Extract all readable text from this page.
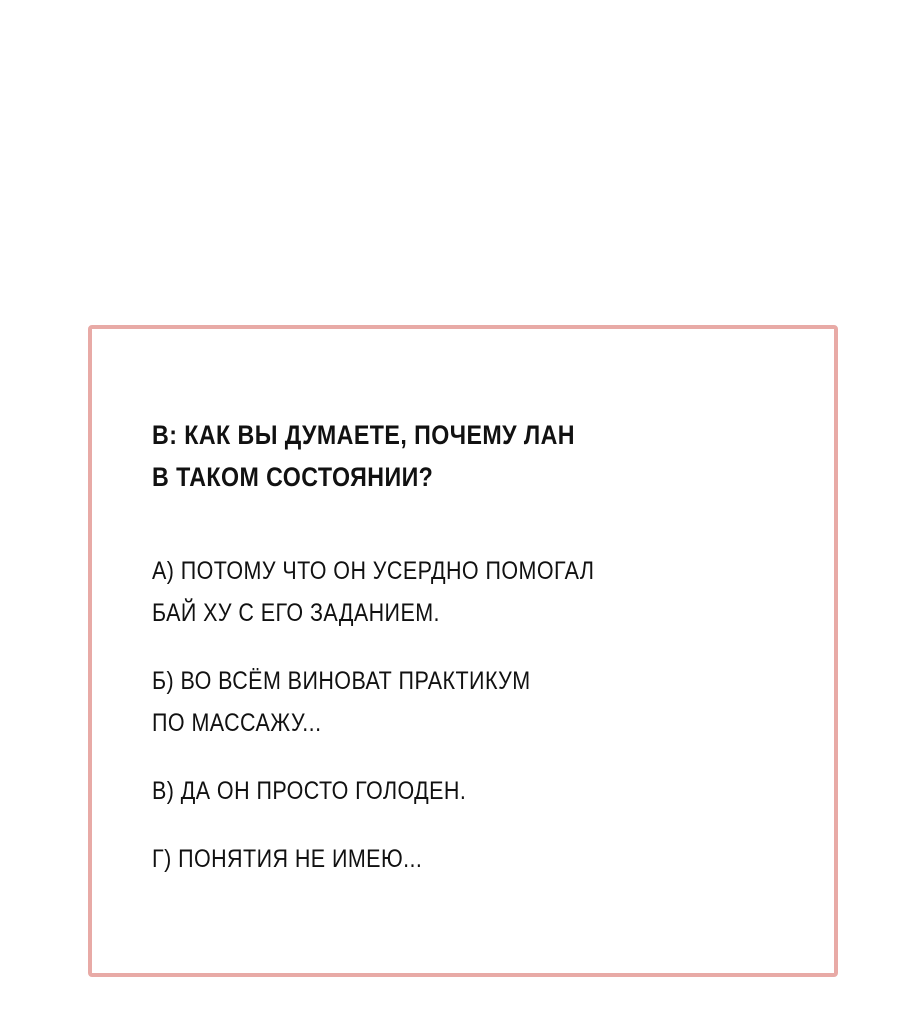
В: КАК ВЫ ДУМАЕТЕ, ПОЧЕМУ ЛАН
В ТАКОМ СОСТОЯНИИ?
А) ПОТОМУ ЧТО ОН УСЕРДНО ПОМОГАЛ
БАЙ ХУ С ЕГО ЗАДАНИЕМ.
Б) ВО ВСЁМ ВИНОВАТ ПРАКТИКУМ
ПО МАССАЖУ...
В) ДА ОН ПРОСТО ГОЛОДЕН.
Г) ПОНЯТИЯ НЕ ИМЕЮ...
